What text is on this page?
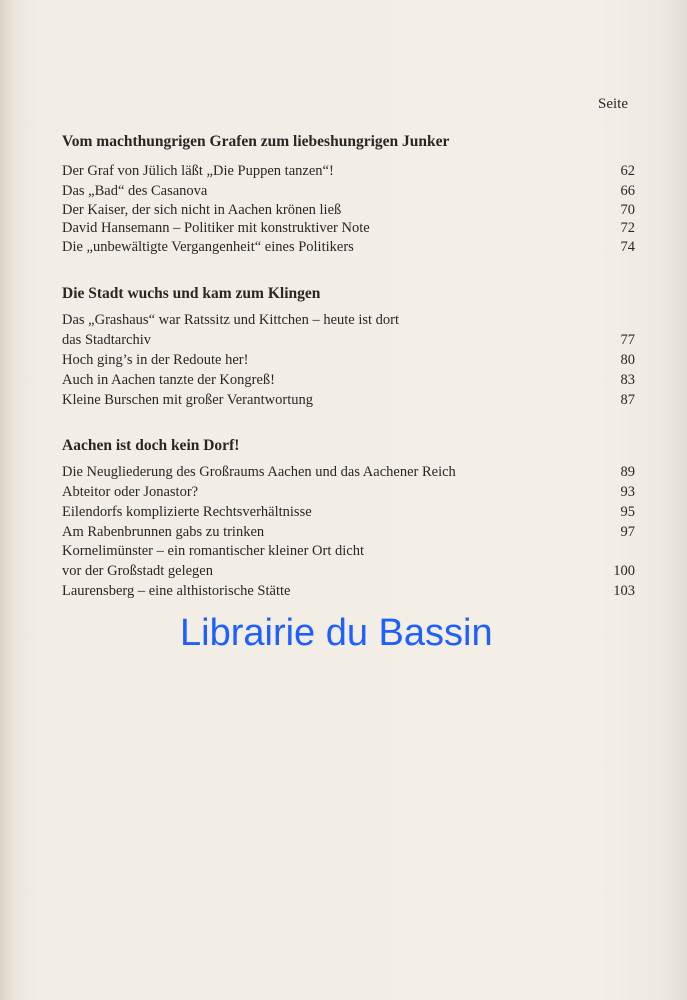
Seite
Vom machthungrigen Grafen zum liebeshungrigen Junker
Der Graf von Jülich läßt „Die Puppen tanzen“!	62
Das „Bad“ des Casanova	66
Der Kaiser, der sich nicht in Aachen krönen ließ	70
David Hansemann – Politiker mit konstruktiver Note	72
Die „unbewältigte Vergangenheit“ eines Politikers	74
Die Stadt wuchs und kam zum Klingen
Das „Grashaus“ war Ratssitz und Kittchen – heute ist dort
das Stadtarchiv	77
Hoch ging’s in der Redoute her!	80
Auch in Aachen tanzte der Kongreß!	83
Kleine Burschen mit großer Verantwortung	87
Aachen ist doch kein Dorf!
Die Neugliederung des Großraums Aachen und das Aachener Reich	89
Abteitor oder Jonastor?	93
Eilendorfs komplizierte Rechtsverhältnisse	95
Am Rabenbrunnen gabs zu trinken	97
Kornelimünster – ein romantischer kleiner Ort dicht
vor der Großstadt gelegen	100
Laurensberg – eine althistorische Stätte	103
Librairie du Bassin
